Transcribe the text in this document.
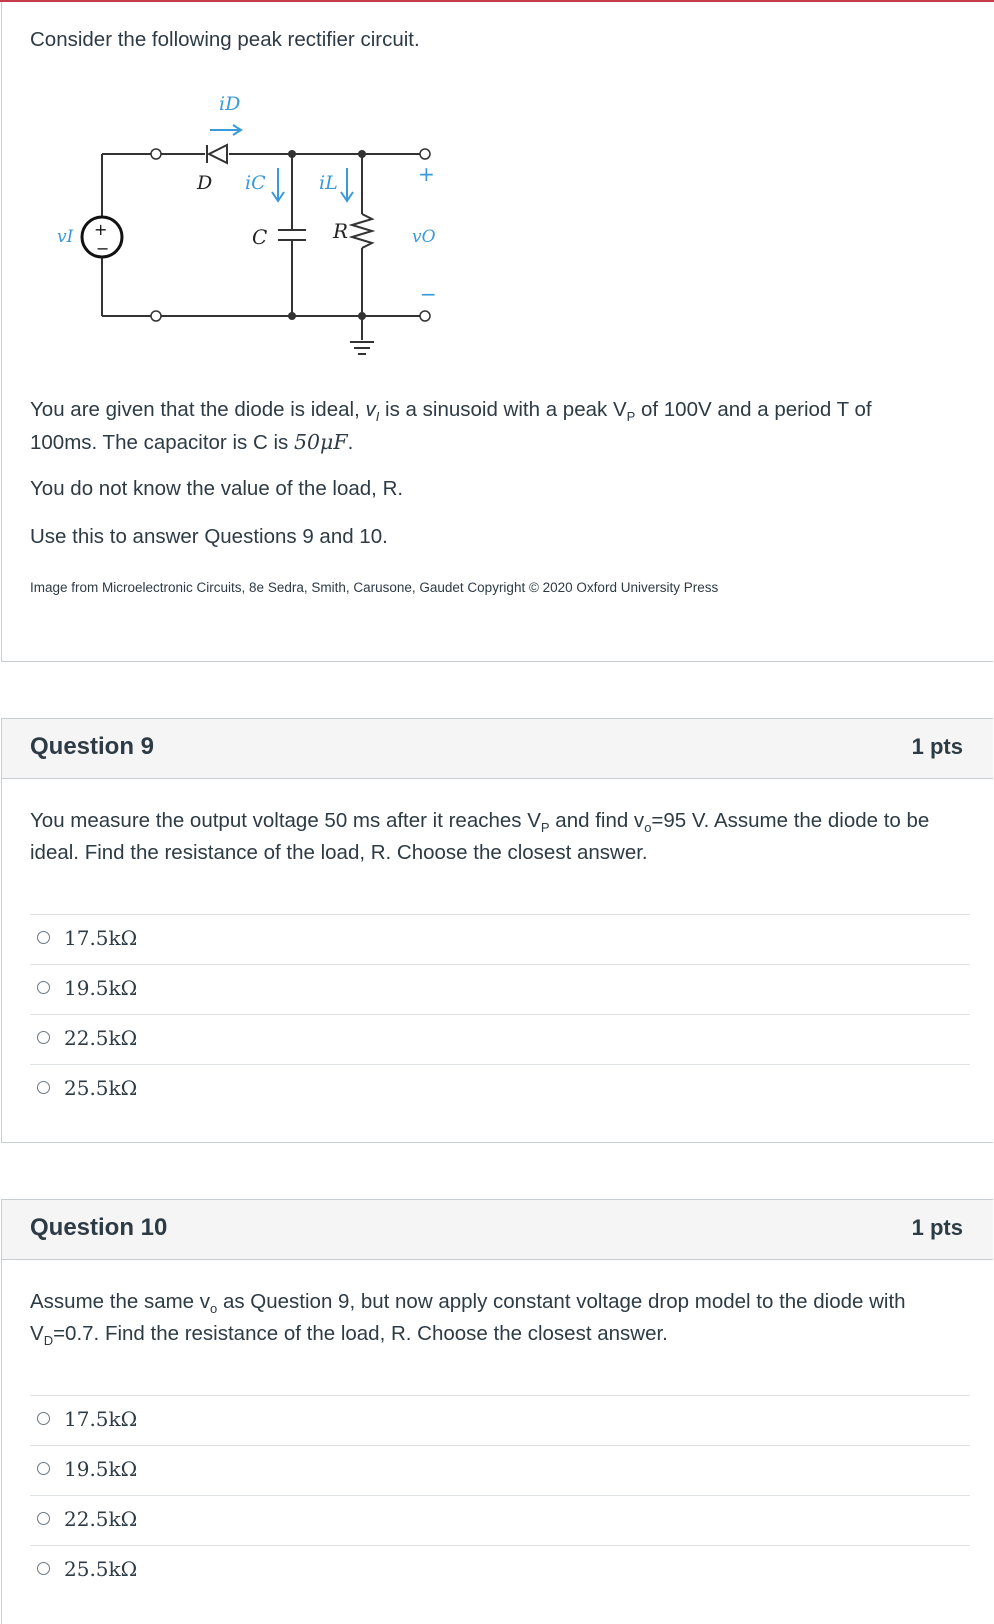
Consider the following peak rectifier circuit.

iD
D iC	iL
C	R
vI	vO
+
−
+
−

You are given that the diode is ideal, $v_I$ is a sinusoid with a peak $V_P$ of 100V and a period T of

100ms. The capacitor is C is 50μF.

You do not know the value of the load, R.

Use this to answer Questions 9 and 10.

Image from Microelectronic Circuits, 8e Sedra, Smith, Carusone, Gaudet Copyright © 2020 Oxford University Press
Question 9	1 pts

You measure the output voltage 50 ms after it reaches $V_P$ and find $v_o=95$ V. Assume the diode to be

ideal. Find the resistance of the load, R. Choose the closest answer.

17.5kΩ
19.5kΩ
22.5kΩ
25.5kΩ
Question 10	1 pts

Assume the same $v_o$ as Question 9, but now apply constant voltage drop model to the diode with

$V_D=0.7$. Find the resistance of the load, R. Choose the closest answer.

17.5kΩ
19.5kΩ
22.5kΩ
25.5kΩ
